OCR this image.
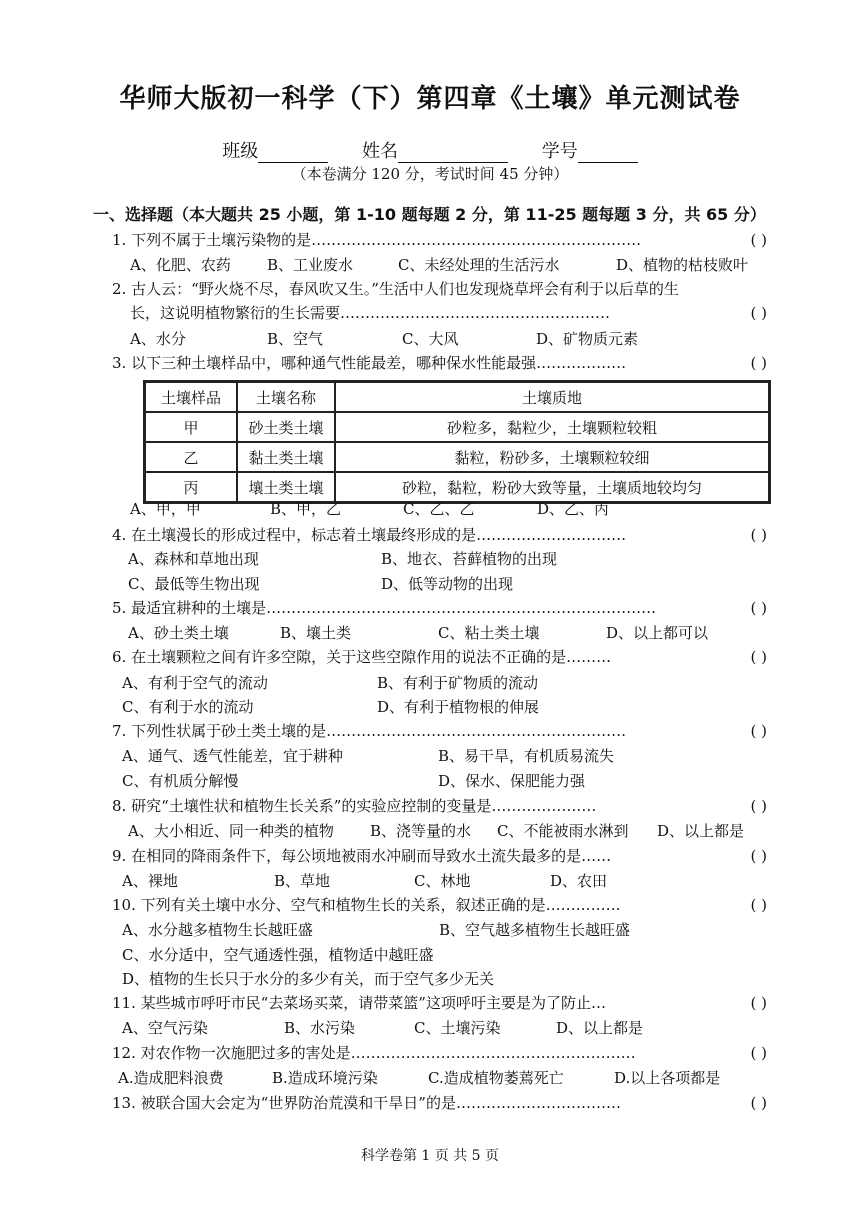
华师大版初一科学（下）第四章《土壤》单元测试卷
班级	姓名	学号
（本卷满分 120 分，考试时间 45 分钟）
一、选择题（本大题共 25 小题，第 1-10 题每题 2 分，第 11-25 题每题 3 分，共 65 分）
1. 下列不属于土壤污染物的是…………………………………………………………	( )
A、化肥、农药 B、工业废水	C、未经处理的生活污水	D、植物的枯枝败叶
2. 古人云：“野火烧不尽，春风吹又生。”生活中人们也发现烧草坪会有利于以后草的生
长，这说明植物繁衍的生长需要………………………………………………	( )
A、水分	B、空气	C、大风	D、矿物质元素
3. 以下三种土壤样品中，哪种通气性能最差，哪种保水性能最强………………	( )
土壤样品	土壤名称	土壤质地
甲	砂土类土壤	砂粒多，黏粒少，土壤颗粒较粗
乙	黏土类土壤	黏粒，粉砂多，土壤颗粒较细
丙	壤土类土壤	砂粒，黏粒，粉砂大致等量，土壤质地较均匀
A、甲，甲	B、甲，乙	C、乙、乙	D、乙、丙
4. 在土壤漫长的形成过程中，标志着土壤最终形成的是…………………………	( )
A、森林和草地出现	B、地衣、苔藓植物的出现
C、最低等生物出现	D、低等动物的出现
5. 最适宜耕种的土壤是……………………………………………………………………	( )
A、砂土类土壤	B、壤土类	C、粘土类土壤	D、以上都可以
6. 在土壤颗粒之间有许多空隙，关于这些空隙作用的说法不正确的是………	( )
A、有利于空气的流动	B、有利于矿物质的流动
C、有利于水的流动	D、有利于植物根的伸展
7. 下列性状属于砂土类土壤的是……………………………………………………	( )
A、通气、透气性能差，宜于耕种	B、易干旱，有机质易流失
C、有机质分解慢	D、保水、保肥能力强
8. 研究“土壤性状和植物生长关系”的实验应控制的变量是…………………	( )
A、大小相近、同一种类的植物 B、浇等量的水 C、不能被雨水淋到 D、以上都是
9. 在相同的降雨条件下，每公顷地被雨水冲刷而导致水土流失最多的是……	( )
A、裸地	B、草地	C、林地	D、农田
10. 下列有关土壤中水分、空气和植物生长的关系，叙述正确的是……………	( )
A、水分越多植物生长越旺盛	B、空气越多植物生长越旺盛
C、水分适中，空气通透性强，植物适中越旺盛
D、植物的生长只于水分的多少有关，而于空气多少无关
11. 某些城市呼吁市民“去菜场买菜，请带菜篮”这项呼吁主要是为了防止…	( )
A、空气污染	B、水污染	C、土壤污染	D、以上都是
12. 对农作物一次施肥过多的害处是…………………………………………………	( )
A.造成肥料浪费	B.造成环境污染	C.造成植物萎蔫死亡	D.以上各项都是
13. 被联合国大会定为“世界防治荒漠和干旱日”的是……………………………	( )
科学卷第 1 页 共 5 页
